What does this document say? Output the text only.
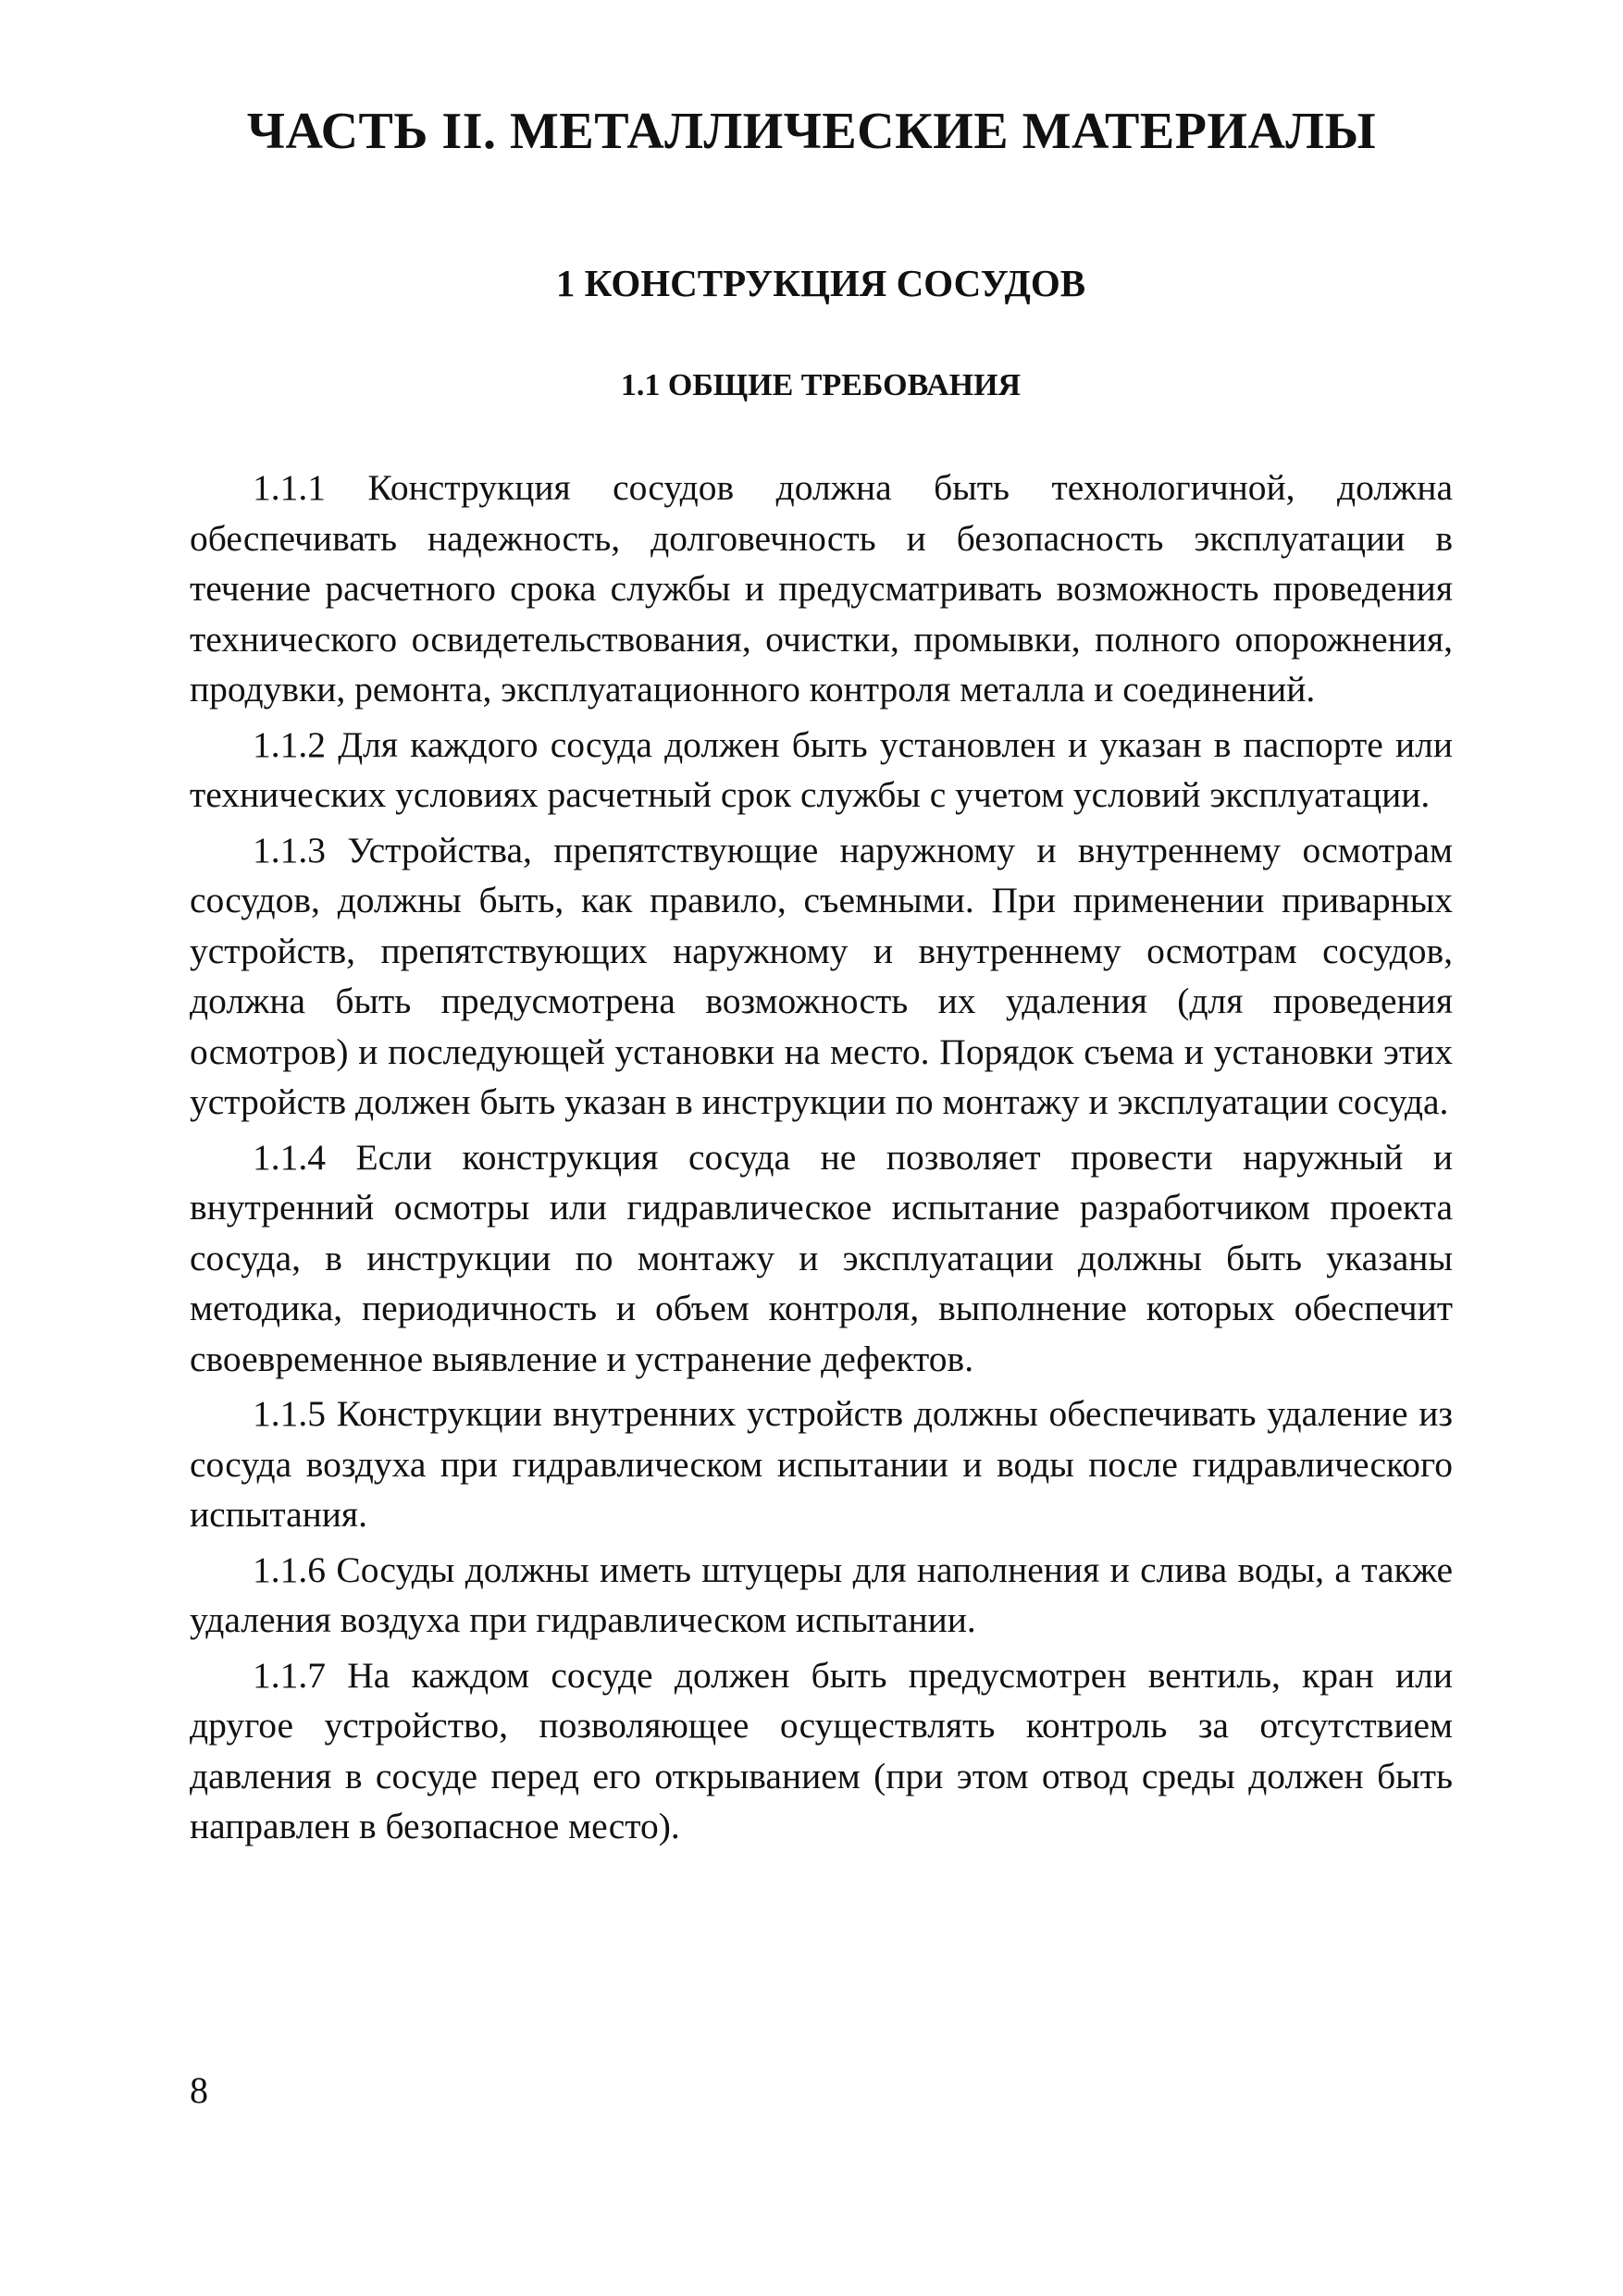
ЧАСТЬ II. МЕТАЛЛИЧЕСКИЕ МАТЕРИАЛЫ
1 КОНСТРУКЦИЯ СОСУДОВ
1.1 ОБЩИЕ ТРЕБОВАНИЯ

1.1.1 Конструкция сосудов должна быть технологичной, должна обеспечивать надежность, долговечность и безопасность эксплуатации в течение расчетного срока службы и предусматривать возможность проведения технического освидетельствования, очистки, промывки, полного опорожнения, продувки, ремонта, эксплуатационного контроля металла и соединений.

1.1.2 Для каждого сосуда должен быть установлен и указан в паспорте или технических условиях расчетный срок службы с учетом условий эксплуатации.

1.1.3 Устройства, препятствующие наружному и внутреннему осмотрам сосудов, должны быть, как правило, съемными. При применении приварных устройств, препятствующих наружному и внутреннему осмотрам сосудов, должна быть предусмотрена возможность их удаления (для проведения осмотров) и последующей установки на место. Порядок съема и установки этих устройств должен быть указан в инструкции по монтажу и эксплуатации сосуда.

1.1.4 Если конструкция сосуда не позволяет провести наружный и внутренний осмотры или гидравлическое испытание разработчиком проекта сосуда, в инструкции по монтажу и эксплуатации должны быть указаны методика, периодичность и объем контроля, выполнение которых обеспечит своевременное выявление и устранение дефектов.

1.1.5 Конструкции внутренних устройств должны обеспечивать удаление из сосуда воздуха при гидравлическом испытании и воды после гидравлического испытания.

1.1.6 Сосуды должны иметь штуцеры для наполнения и слива воды, а также удаления воздуха при гидравлическом испытании.

1.1.7 На каждом сосуде должен быть предусмотрен вентиль, кран или другое устройство, позволяющее осуществлять контроль за отсутствием давления в сосуде перед его открыванием (при этом отвод среды должен быть направлен в безопасное место).

8
